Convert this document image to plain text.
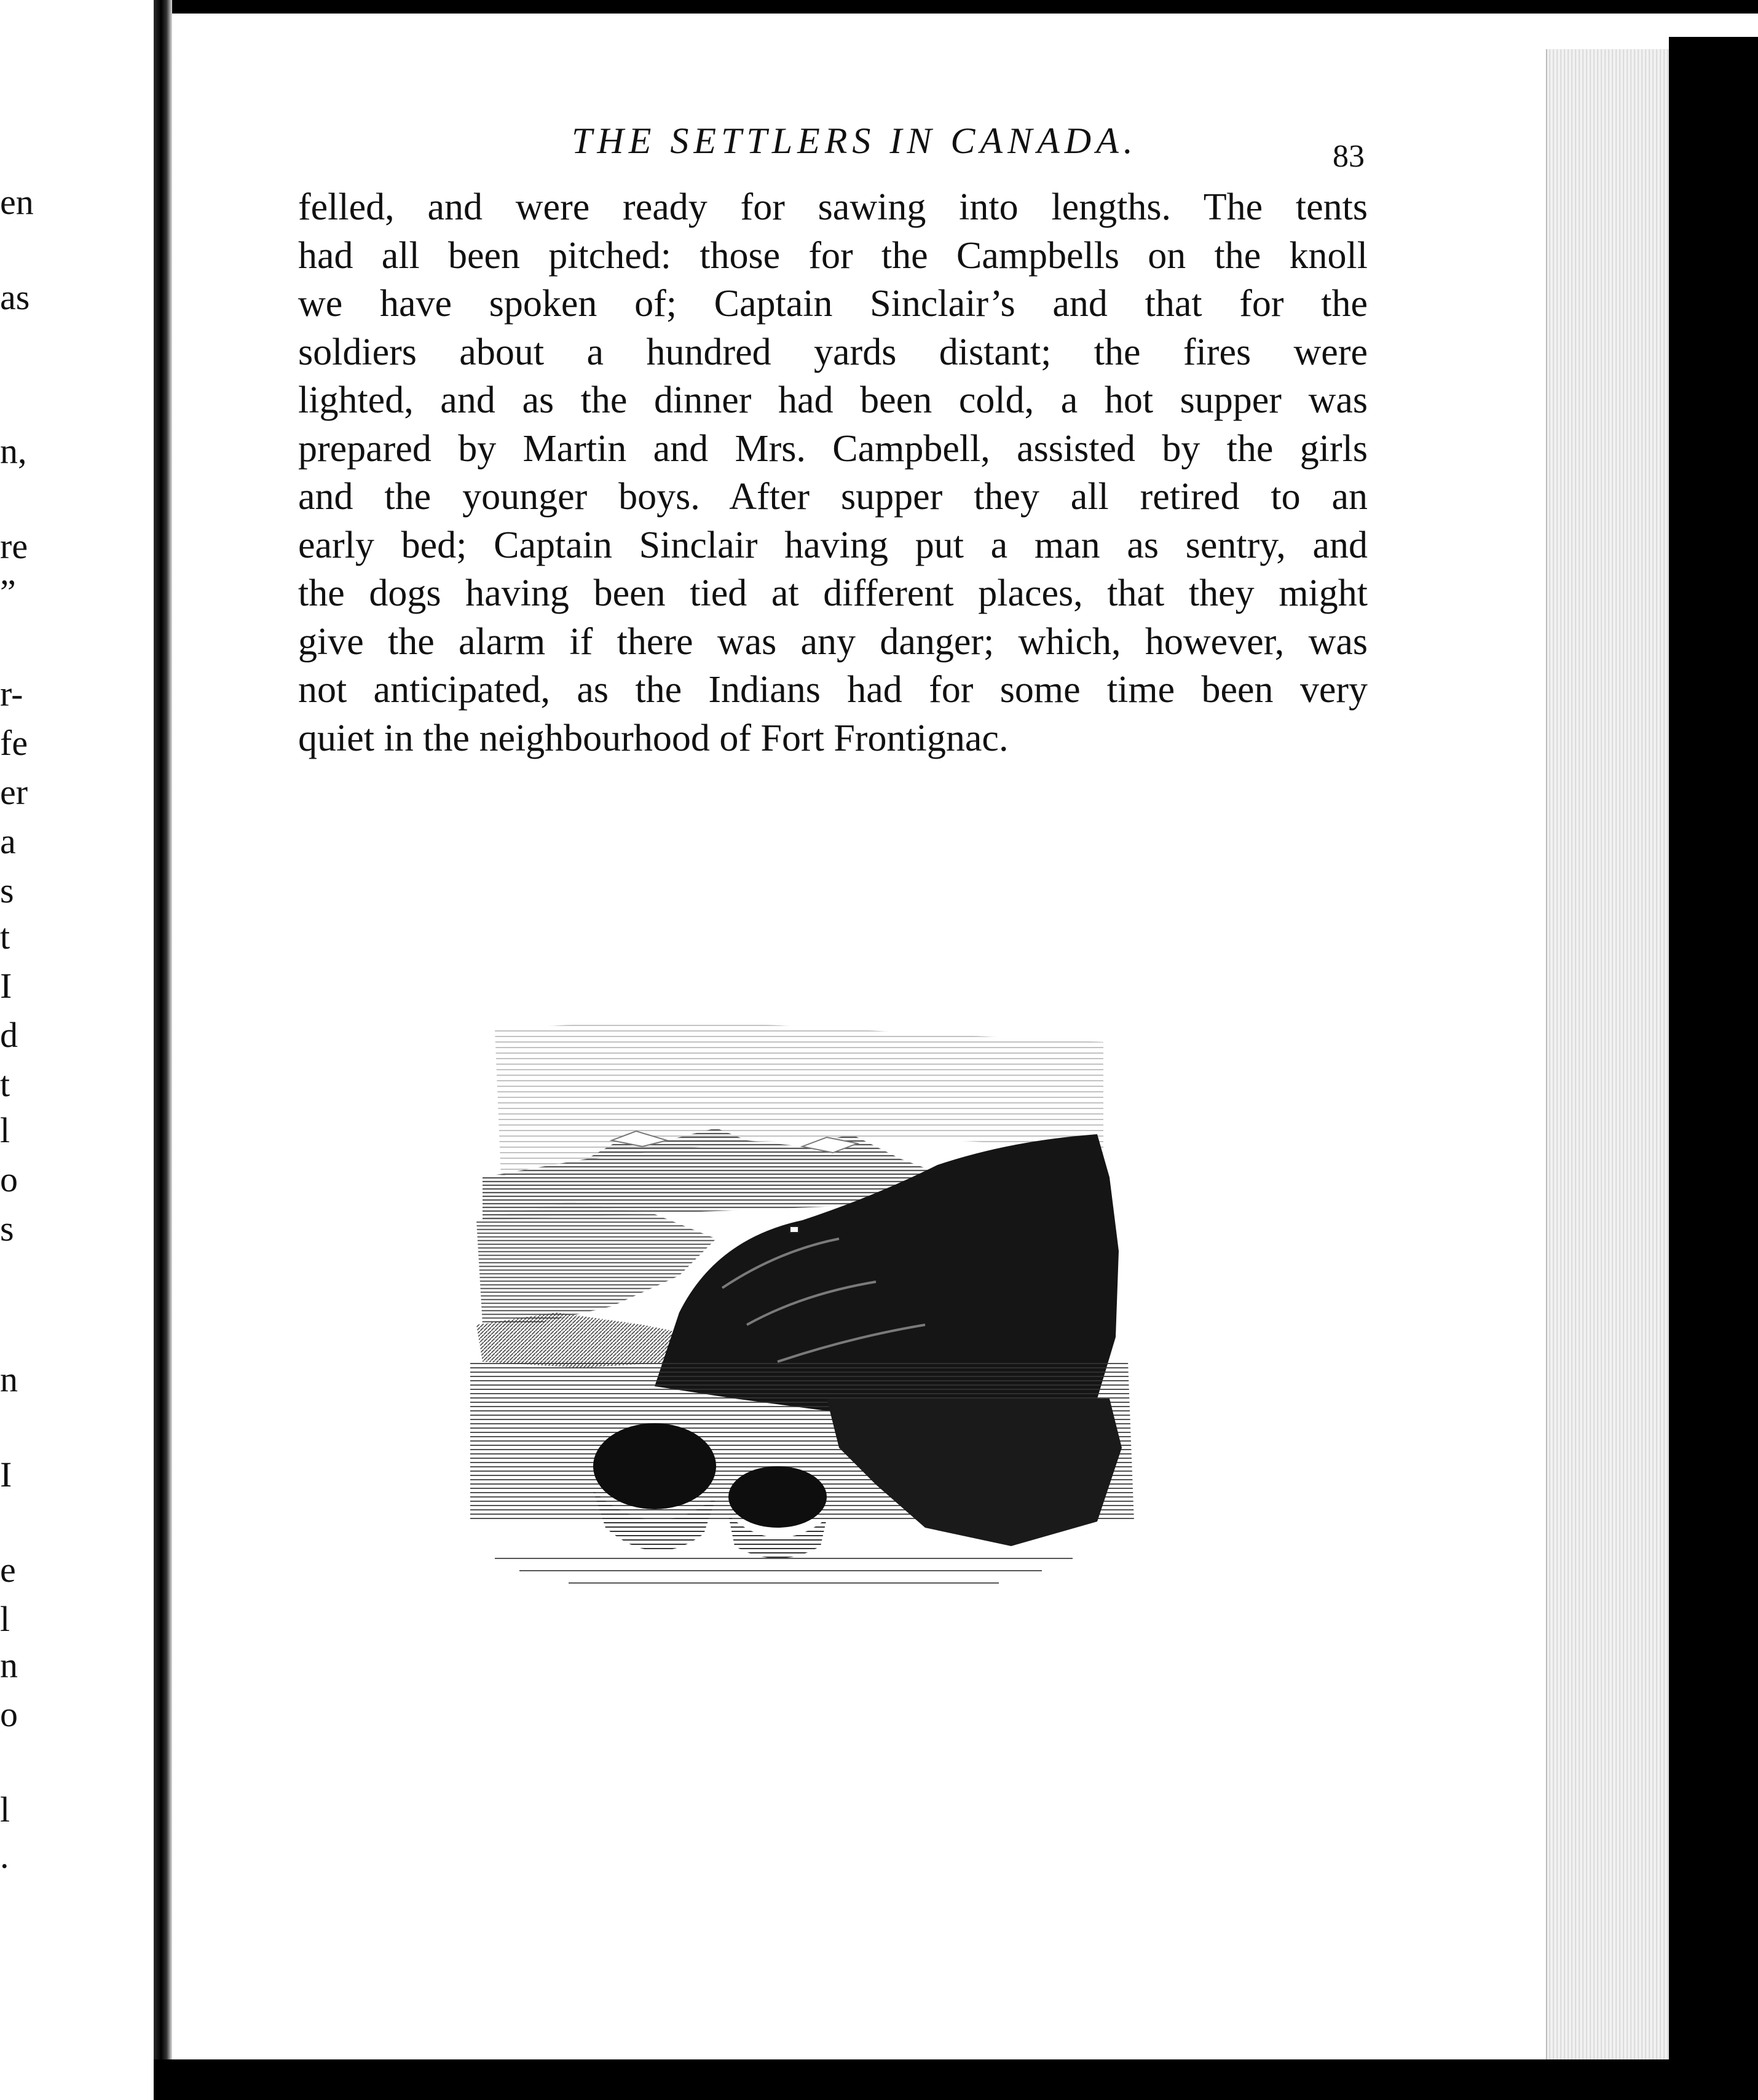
en
as
n,
re
”
r-
fe
er
a
s
t
I
d
t
l
o
s
n
I
e
l
n
o
l
.
THE SETTLERS IN CANADA.	83
felled, and were ready for sawing into lengths. The tents
had all been pitched: those for the Campbells on the knoll
we have spoken of; Captain Sinclair’s and that for the
soldiers about a hundred yards distant; the fires were
lighted, and as the dinner had been cold, a hot supper was
prepared by Martin and Mrs. Campbell, assisted by the girls
and the younger boys. After supper they all retired to an
early bed; Captain Sinclair having put a man as sentry, and
the dogs having been tied at different places, that they might
give the alarm if there was any danger; which, however, was
not anticipated, as the Indians had for some time been very
quiet in the neighbourhood of Fort Frontignac.
